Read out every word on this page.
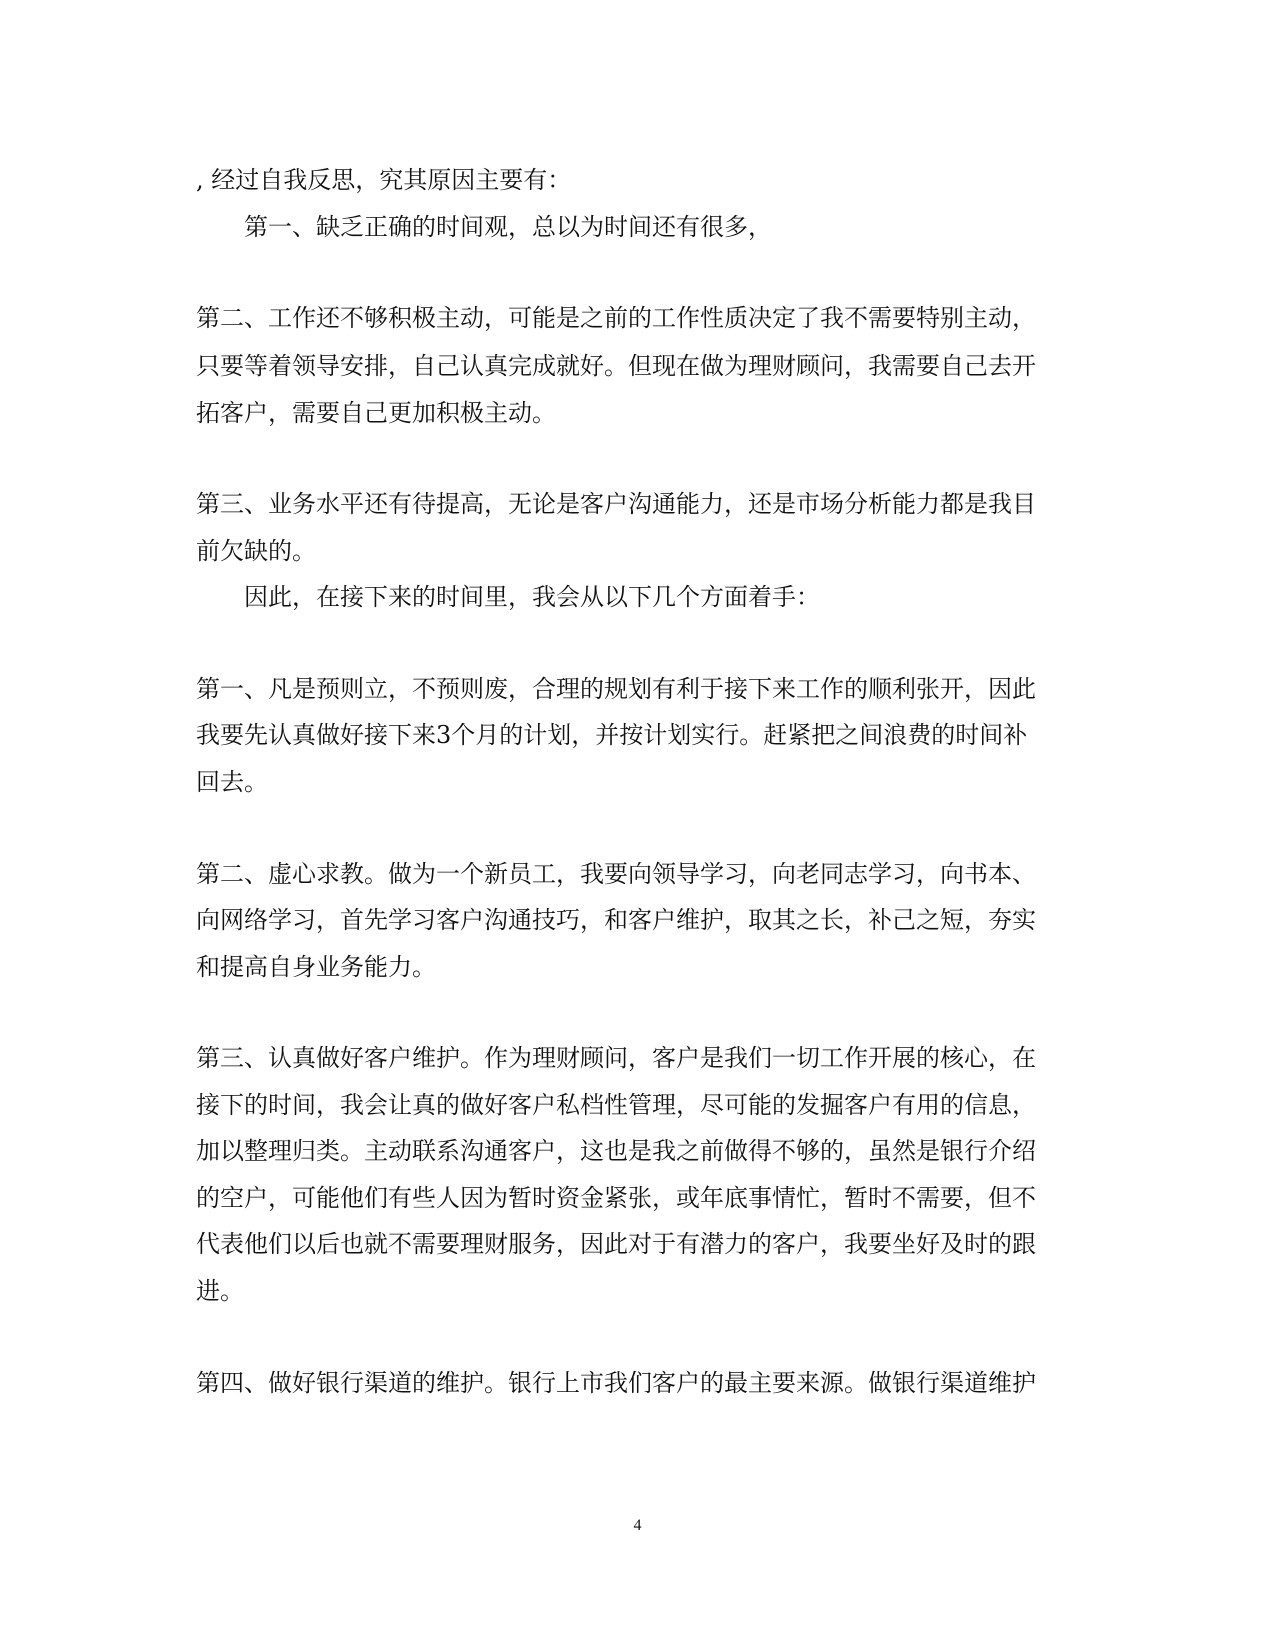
, 经过自我反思，究其原因主要有：
第一、缺乏正确的时间观，总以为时间还有很多，
第二、工作还不够积极主动，可能是之前的工作性质决定了我不需要特别主动，
只要等着领导安排，自己认真完成就好。但现在做为理财顾问，我需要自己去开
拓客户，需要自己更加积极主动。
第三、业务水平还有待提高，无论是客户沟通能力，还是市场分析能力都是我目
前欠缺的。
因此，在接下来的时间里，我会从以下几个方面着手：
第一、凡是预则立，不预则废，合理的规划有利于接下来工作的顺利张开，因此
我要先认真做好接下来3个月的计划，并按计划实行。赶紧把之间浪费的时间补
回去。
第二、虚心求教。做为一个新员工，我要向领导学习，向老同志学习，向书本、
向网络学习，首先学习客户沟通技巧，和客户维护，取其之长，补己之短，夯实
和提高自身业务能力。
第三、认真做好客户维护。作为理财顾问，客户是我们一切工作开展的核心，在
接下的时间，我会让真的做好客户私档性管理，尽可能的发掘客户有用的信息，
加以整理归类。主动联系沟通客户，这也是我之前做得不够的，虽然是银行介绍
的空户，可能他们有些人因为暂时资金紧张，或年底事情忙，暂时不需要，但不
代表他们以后也就不需要理财服务，因此对于有潜力的客户，我要坐好及时的跟
进。
第四、做好银行渠道的维护。银行上市我们客户的最主要来源。做银行渠道维护
4
